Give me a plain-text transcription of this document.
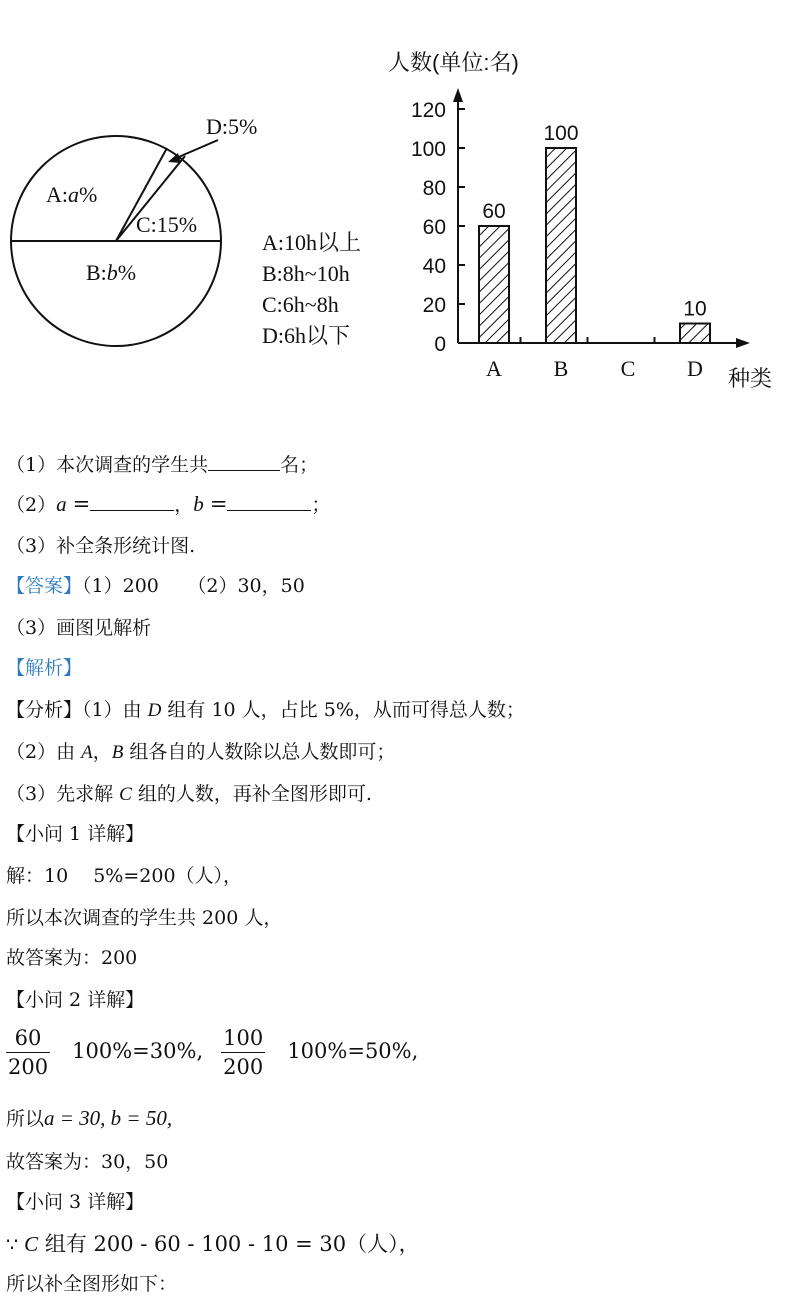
A:a%
B:b%
C:15%
D:5%
A:10h以上
B:8h~10h
C:6h~8h
D:6h以下
人数(单位:名)
种类
0
20
40
60
80
100
120
A
60
B
100
C D
10
（1）本次调查的学生共	名；
（2）a =	，b =	；
（3）补全条形统计图.
【答案】（1）200　　（2）30，50
（3）画图见解析
【解析】
【分析】（1）由 D 组有 10 人，占比 5%，从而可得总人数；
（2）由 A，B 组各自的人数除以总人数即可；
（3）先求解 C 组的人数，再补全图形即可.
【小问 1 详解】
解：10　 5%=200（人），
所以本次调查的学生共 200 人，
故答案为：200
【小问 2 详解】
$\frac{60}{200} 100\%=30\%$, $\frac{100}{200} 100\%=50\%$,
所以a = 30, b = 50,
故答案为：30，50
【小问 3 详解】
∵ C 组有 200 - 60 - 100 - 10 = 30（人），
所以补全图形如下：
